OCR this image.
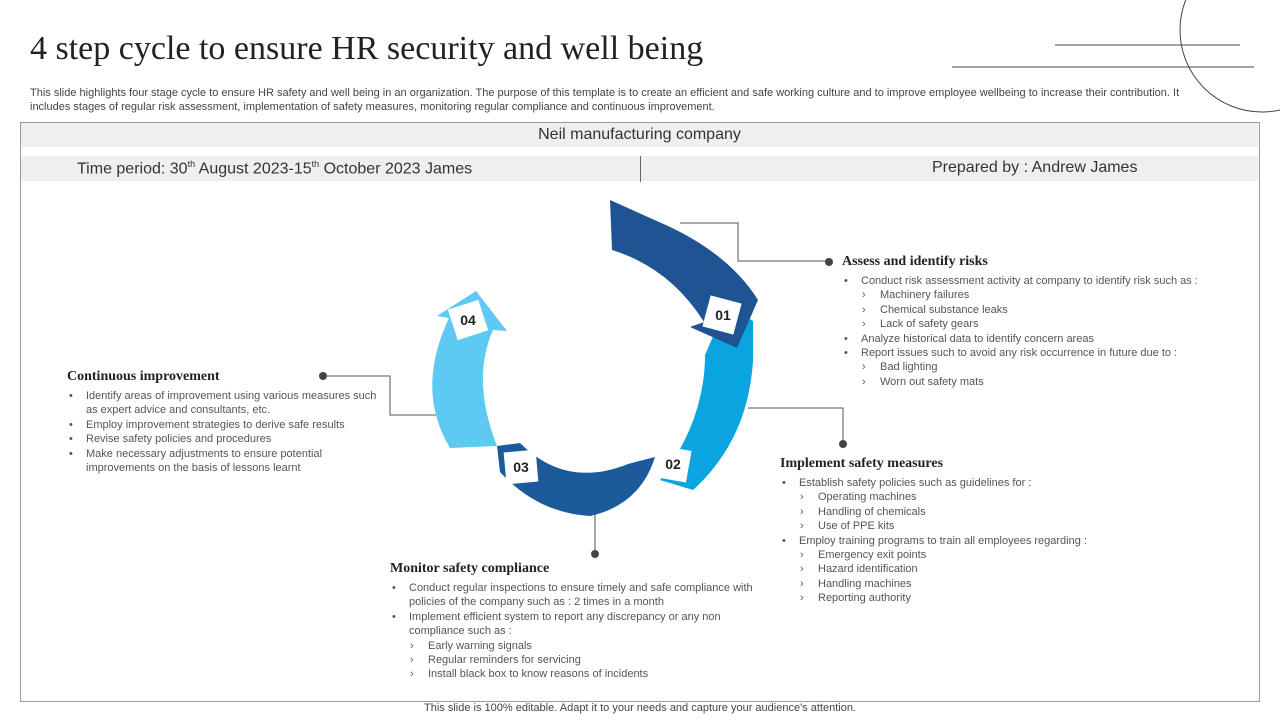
4 step cycle to ensure HR security and well being

This slide highlights four stage cycle to ensure HR safety and well being in an organization. The purpose of this template is to create an efficient and safe working culture and to improve employee wellbeing to increase their contribution. It includes stages of regular risk assessment, implementation of safety measures, monitoring regular compliance and continuous improvement.

Neil manufacturing company
Time period: 30th August 2023-15th October 2023 James	Prepared by : Andrew James
04	01
02
03
Assess and identify risks
• Conduct risk assessment activity at company to identify risk such as :
› Machinery failures
› Chemical substance leaks
› Lack of safety gears
• Analyze historical data to identify concern areas
• Report issues such to avoid any risk occurrence in future due to :
› Bad lighting
› Worn out safety mats
Implement safety measures
• Establish safety policies such as guidelines for :
› Operating machines
› Handling of chemicals
› Use of PPE kits
• Employ training programs to train all employees regarding :
› Emergency exit points
› Hazard identification
› Handling machines
› Reporting authority
Monitor safety compliance
• Conduct regular inspections to ensure timely and safe compliance with policies of the company such as : 2 times in a month
• Implement efficient system to report any discrepancy or any non compliance such as :
› Early warning signals
› Regular reminders for servicing
› Install black box to know reasons of incidents
Continuous improvement
• Identify areas of improvement using various measures such as expert advice and consultants, etc.
• Employ improvement strategies to derive safe results
• Revise safety policies and procedures
• Make necessary adjustments to ensure potential improvements on the basis of lessons learnt
This slide is 100% editable. Adapt it to your needs and capture your audience's attention.
